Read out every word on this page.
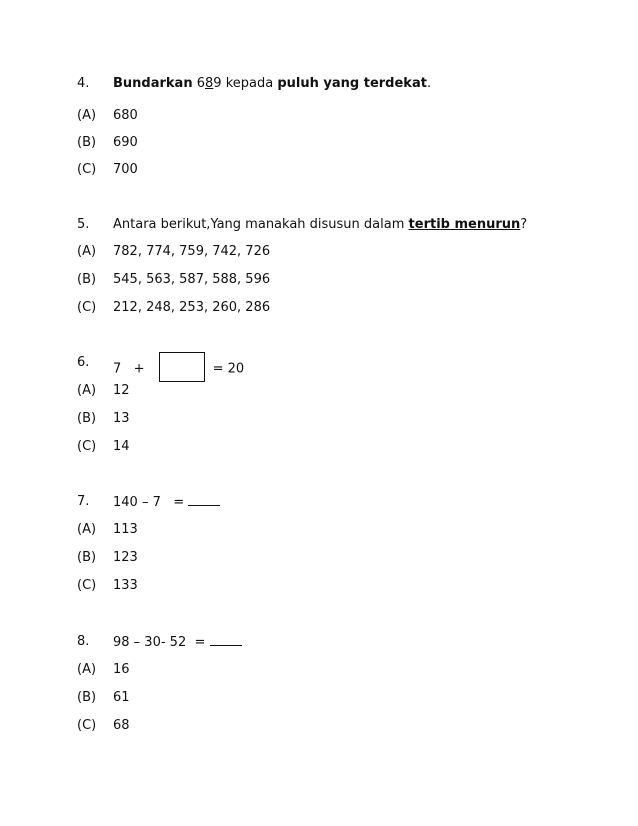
4. Bundarkan 689 kepada puluh yang terdekat.
(A) 680
(B) 690
(C) 700
5. Antara berikut,Yang manakah disusun dalam tertib menurun?
(A) 782, 774, 759, 742, 726
(B) 545, 563, 587, 588, 596
(C) 212, 248, 253, 260, 286
6. 7   +	= 20
(A) 12
(B) 13
(C) 14
7. 140 – 7   =
(A) 113
(B) 123
(C) 133
8. 98 – 30- 52  =
(A) 16
(B) 61
(C) 68
